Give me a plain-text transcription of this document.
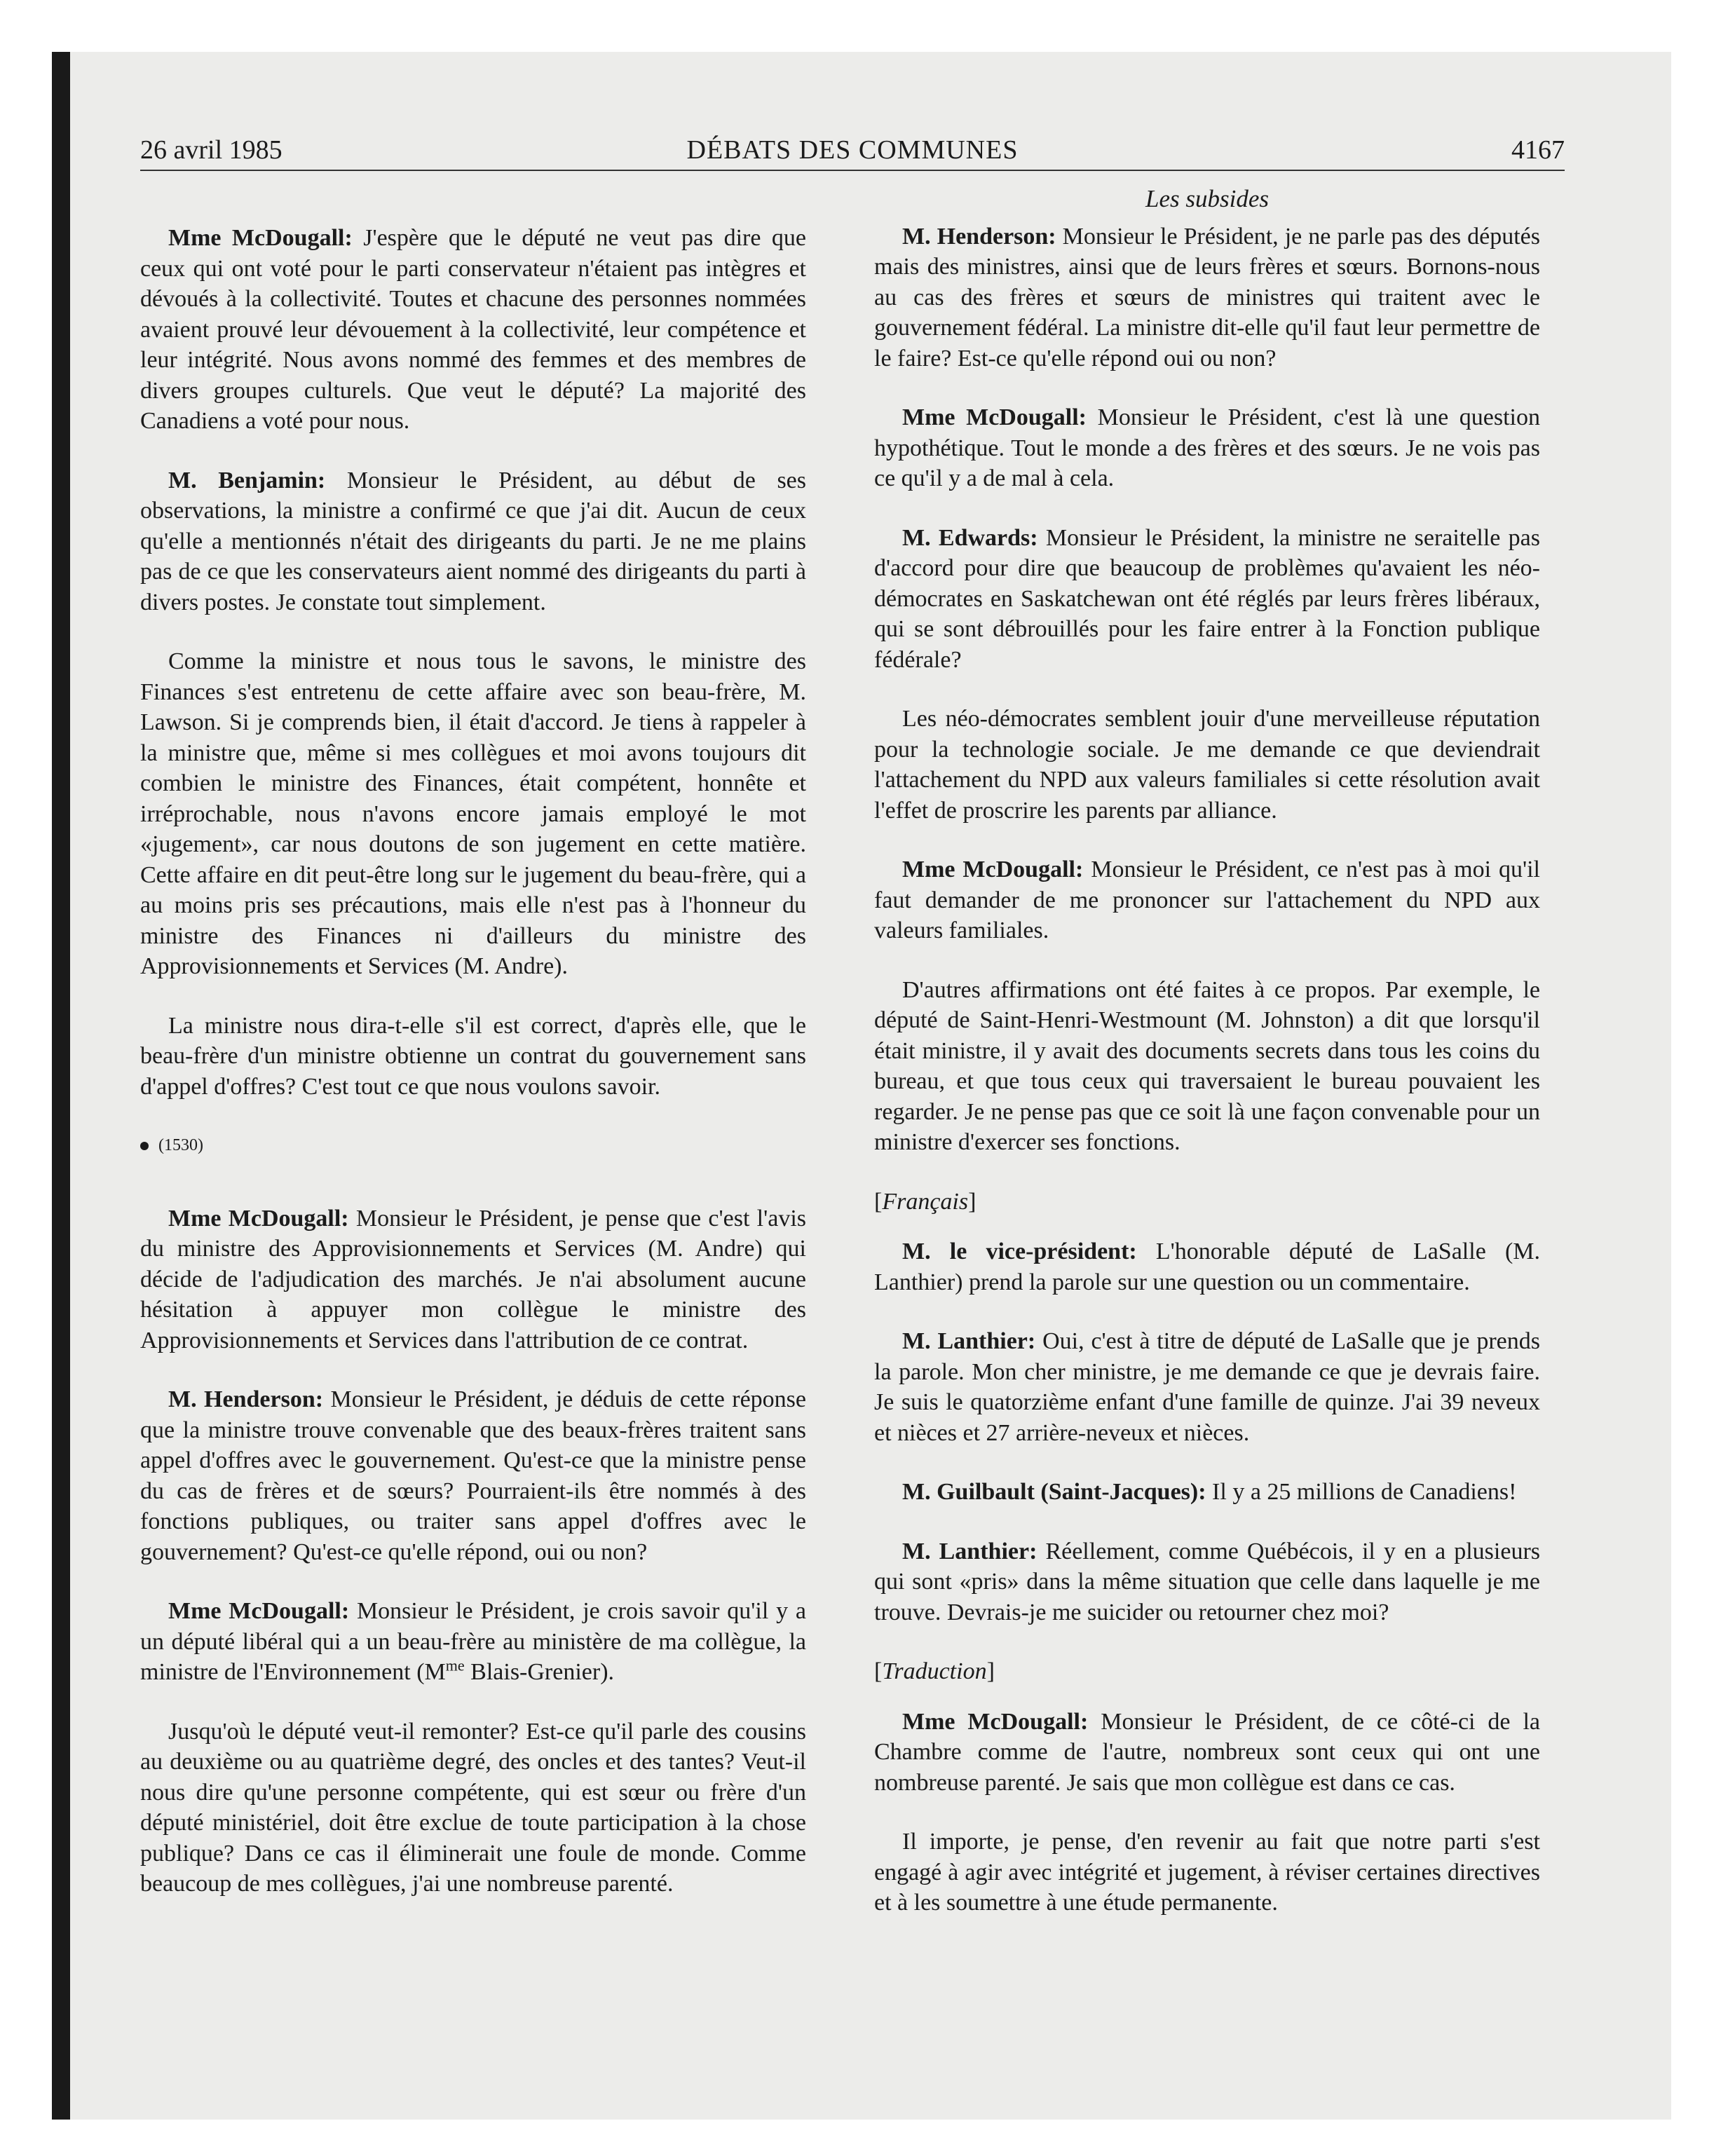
26 avril 1985	DÉBATS DES COMMUNES	4167

Mme McDougall: J'espère que le député ne veut pas dire que ceux qui ont voté pour le parti conservateur n'étaient pas intègres et dévoués à la collectivité. Toutes et chacune des personnes nommées avaient prouvé leur dévouement à la collectivité, leur compétence et leur intégrité. Nous avons nommé des femmes et des membres de divers groupes culturels. Que veut le député? La majorité des Canadiens a voté pour nous.

M. Benjamin: Monsieur le Président, au début de ses observations, la ministre a confirmé ce que j'ai dit. Aucun de ceux qu'elle a mentionnés n'était des dirigeants du parti. Je ne me plains pas de ce que les conservateurs aient nommé des dirigeants du parti à divers postes. Je constate tout simplement.

Comme la ministre et nous tous le savons, le ministre des Finances s'est entretenu de cette affaire avec son beau-frère, M. Lawson. Si je comprends bien, il était d'accord. Je tiens à rappeler à la ministre que, même si mes collègues et moi avons toujours dit combien le ministre des Finances, était compétent, honnête et irréprochable, nous n'avons encore jamais employé le mot «jugement», car nous doutons de son jugement en cette matière. Cette affaire en dit peut-être long sur le jugement du beau-frère, qui a au moins pris ses précautions, mais elle n'est pas à l'honneur du ministre des Finances ni d'ailleurs du ministre des Approvisionnements et Services (M. Andre).

La ministre nous dira-t-elle s'il est correct, d'après elle, que le beau-frère d'un ministre obtienne un contrat du gouvernement sans d'appel d'offres? C'est tout ce que nous voulons savoir.

(1530)

Mme McDougall: Monsieur le Président, je pense que c'est l'avis du ministre des Approvisionnements et Services (M. Andre) qui décide de l'adjudication des marchés. Je n'ai absolument aucune hésitation à appuyer mon collègue le ministre des Approvisionnements et Services dans l'attribution de ce contrat.

M. Henderson: Monsieur le Président, je déduis de cette réponse que la ministre trouve convenable que des beaux-frères traitent sans appel d'offres avec le gouvernement. Qu'est-ce que la ministre pense du cas de frères et de sœurs? Pourraient-ils être nommés à des fonctions publiques, ou traiter sans appel d'offres avec le gouvernement? Qu'est-ce qu'elle répond, oui ou non?

Mme McDougall: Monsieur le Président, je crois savoir qu'il y a un député libéral qui a un beau-frère au ministère de ma collègue, la ministre de l'Environnement ($M^{me}$ Blais-Grenier).

Jusqu'où le député veut-il remonter? Est-ce qu'il parle des cousins au deuxième ou au quatrième degré, des oncles et des tantes? Veut-il nous dire qu'une personne compétente, qui est sœur ou frère d'un député ministériel, doit être exclue de toute participation à la chose publique? Dans ce cas il éliminerait une foule de monde. Comme beaucoup de mes collègues, j'ai une nombreuse parenté.

Les subsides

M. Henderson: Monsieur le Président, je ne parle pas des députés mais des ministres, ainsi que de leurs frères et sœurs. Bornons-nous au cas des frères et sœurs de ministres qui traitent avec le gouvernement fédéral. La ministre dit-elle qu'il faut leur permettre de le faire? Est-ce qu'elle répond oui ou non?

Mme McDougall: Monsieur le Président, c'est là une question hypothétique. Tout le monde a des frères et des sœurs. Je ne vois pas ce qu'il y a de mal à cela.

M. Edwards: Monsieur le Président, la ministre ne seraitelle pas d'accord pour dire que beaucoup de problèmes qu'avaient les néo-démocrates en Saskatchewan ont été réglés par leurs frères libéraux, qui se sont débrouillés pour les faire entrer à la Fonction publique fédérale?

Les néo-démocrates semblent jouir d'une merveilleuse réputation pour la technologie sociale. Je me demande ce que deviendrait l'attachement du NPD aux valeurs familiales si cette résolution avait l'effet de proscrire les parents par alliance.

Mme McDougall: Monsieur le Président, ce n'est pas à moi qu'il faut demander de me prononcer sur l'attachement du NPD aux valeurs familiales.

D'autres affirmations ont été faites à ce propos. Par exemple, le député de Saint-Henri-Westmount (M. Johnston) a dit que lorsqu'il était ministre, il y avait des documents secrets dans tous les coins du bureau, et que tous ceux qui traversaient le bureau pouvaient les regarder. Je ne pense pas que ce soit là une façon convenable pour un ministre d'exercer ses fonctions.

[Français]

M. le vice-président: L'honorable député de LaSalle (M. Lanthier) prend la parole sur une question ou un commentaire.

M. Lanthier: Oui, c'est à titre de député de LaSalle que je prends la parole. Mon cher ministre, je me demande ce que je devrais faire. Je suis le quatorzième enfant d'une famille de quinze. J'ai 39 neveux et nièces et 27 arrière-neveux et nièces.

M. Guilbault (Saint-Jacques): Il y a 25 millions de Canadiens!

M. Lanthier: Réellement, comme Québécois, il y en a plusieurs qui sont «pris» dans la même situation que celle dans laquelle je me trouve. Devrais-je me suicider ou retourner chez moi?

[Traduction]

Mme McDougall: Monsieur le Président, de ce côté-ci de la Chambre comme de l'autre, nombreux sont ceux qui ont une nombreuse parenté. Je sais que mon collègue est dans ce cas.

Il importe, je pense, d'en revenir au fait que notre parti s'est engagé à agir avec intégrité et jugement, à réviser certaines directives et à les soumettre à une étude permanente.
